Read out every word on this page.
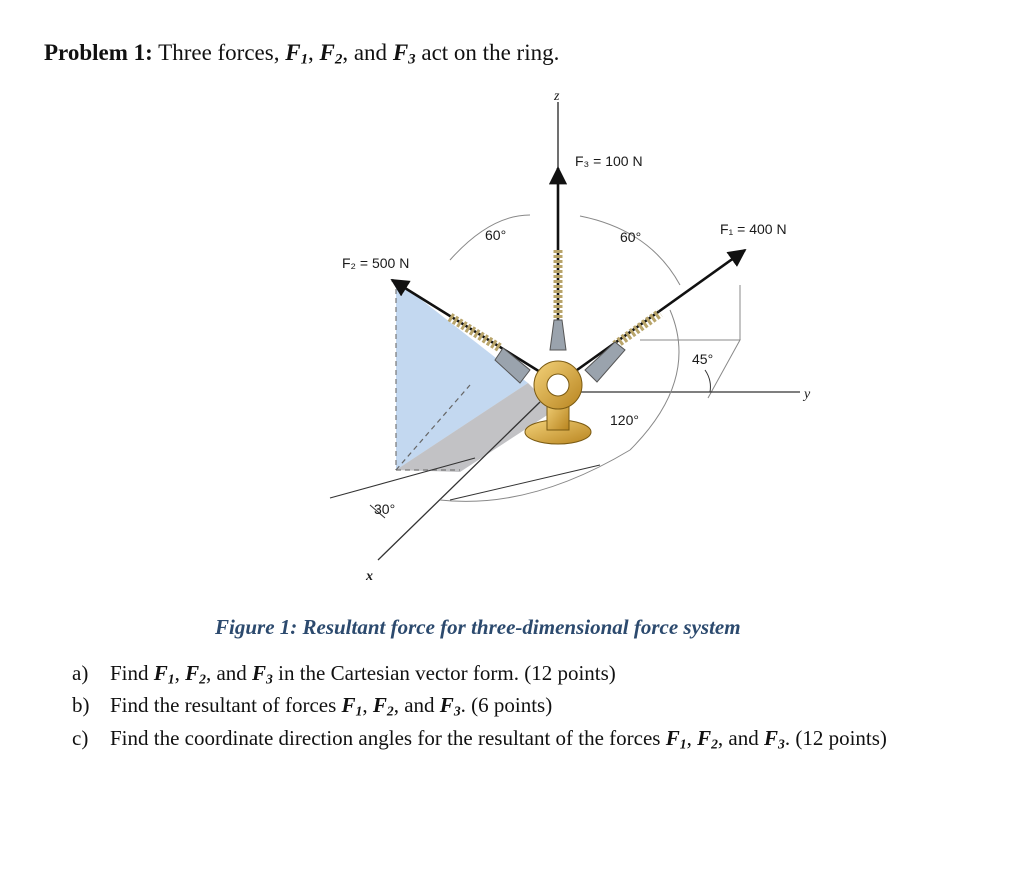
Problem 1: Three forces, $F_1$, $F_2$, and $F_3$ act on the ring.
z
y
x
F₃ = 100 N
F₁ = 400 N
F₂ = 500 N
60°	60°
45°
120°
30°
Figure 1: Resultant force for three-dimensional force system
a) Find $F_1$, $F_2$, and $F_3$ in the Cartesian vector form. (12 points)
b) Find the resultant of forces $F_1$, $F_2$, and $F_3$. (6 points)
c) Find the coordinate direction angles for the resultant of the forces $F_1$, $F_2$, and $F_3$. (12 points)
